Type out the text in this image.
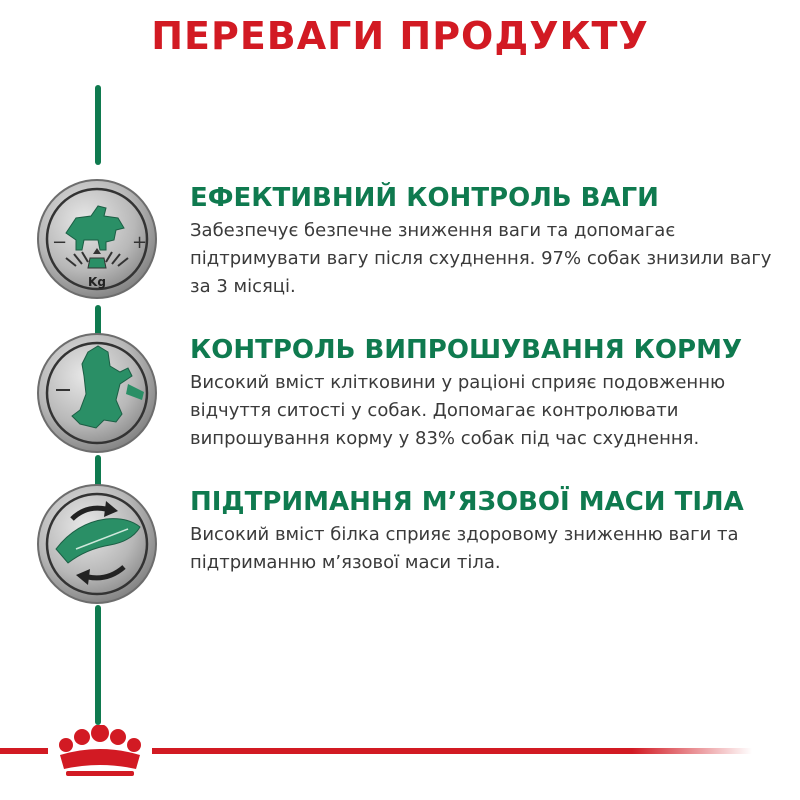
ПЕРЕВАГИ ПРОДУКТУ
−	+
Kg
ЕФЕКТИВНИЙ КОНТРОЛЬ ВАГИ
Забезпечує безпечне зниження ваги та допомагає підтримувати вагу після схуднення. 97% собак знизили вагу за 3 місяці.
КОНТРОЛЬ ВИПРОШУВАННЯ КОРМУ
Високий вміст клітковини у раціоні сприяє подовженню відчуття ситості у собак. Допомагає контролювати випрошування корму у 83% собак під час схуднення.
ПІДТРИМАННЯ М’ЯЗОВОЇ МАСИ ТІЛА
Високий вміст білка сприяє здоровому зниженню ваги та підтриманню м’язової маси тіла.
